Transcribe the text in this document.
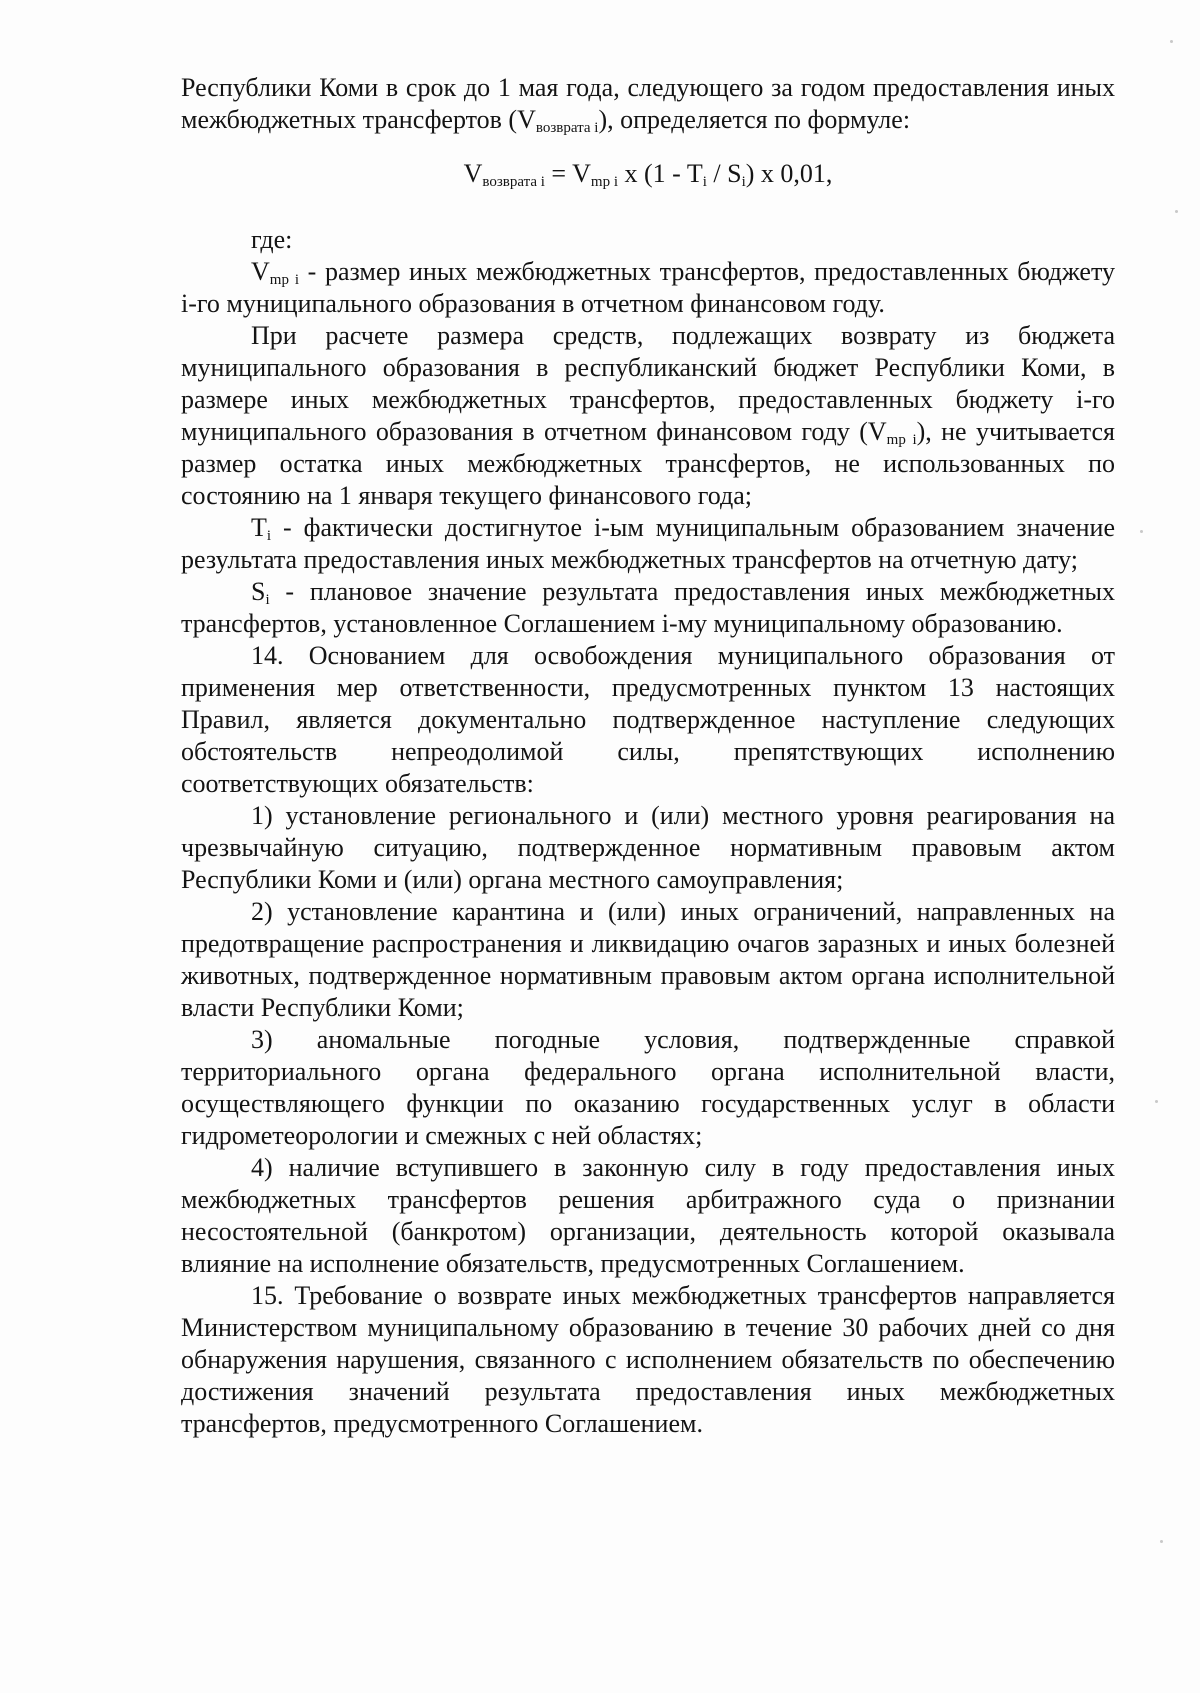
Республики Коми в срок до 1 мая года, следующего за годом предоставления иных межбюджетных трансфертов $(V_{возврата i})$, определяется по формуле:

$V_{возврата i} = V_{mp i}$ x $(1 - T_i / S_i)$ x 0,01,

где:

$V_{mp i}$ - размер иных межбюджетных трансфертов, предоставленных бюджету i-го муниципального образования в отчетном финансовом году.

При расчете размера средств, подлежащих возврату из бюджета муниципального образования в республиканский бюджет Республики Коми, в размере иных межбюджетных трансфертов, предоставленных бюджету i-го муниципального образования в отчетном финансовом году $(V_{mp i})$, не учитывается размер остатка иных межбюджетных трансфертов, не использованных по состоянию на 1 января текущего финансового года;

$T_i$ - фактически достигнутое i-ым муниципальным образованием значение результата предоставления иных межбюджетных трансфертов на отчетную дату;

$S_i$ - плановое значение результата предоставления иных межбюджетных трансфертов, установленное Соглашением i-му муниципальному образованию.

14. Основанием для освобождения муниципального образования от применения мер ответственности, предусмотренных пунктом 13 настоящих Правил, является документально подтвержденное наступление следующих обстоятельств непреодолимой силы, препятствующих исполнению соответствующих обязательств:

1) установление регионального и (или) местного уровня реагирования на чрезвычайную ситуацию, подтвержденное нормативным правовым актом Республики Коми и (или) органа местного самоуправления;

2) установление карантина и (или) иных ограничений, направленных на предотвращение распространения и ликвидацию очагов заразных и иных болезней животных, подтвержденное нормативным правовым актом органа исполнительной власти Республики Коми;

3) аномальные погодные условия, подтвержденные справкой территориального органа федерального органа исполнительной власти, осуществляющего функции по оказанию государственных услуг в области гидрометеорологии и смежных с ней областях;

4) наличие вступившего в законную силу в году предоставления иных межбюджетных трансфертов решения арбитражного суда о признании несостоятельной (банкротом) организации, деятельность которой оказывала влияние на исполнение обязательств, предусмотренных Соглашением.

15. Требование о возврате иных межбюджетных трансфертов направляется Министерством муниципальному образованию в течение 30 рабочих дней со дня обнаружения нарушения, связанного с исполнением обязательств по обеспечению достижения значений результата предоставления иных межбюджетных трансфертов, предусмотренного Соглашением.
